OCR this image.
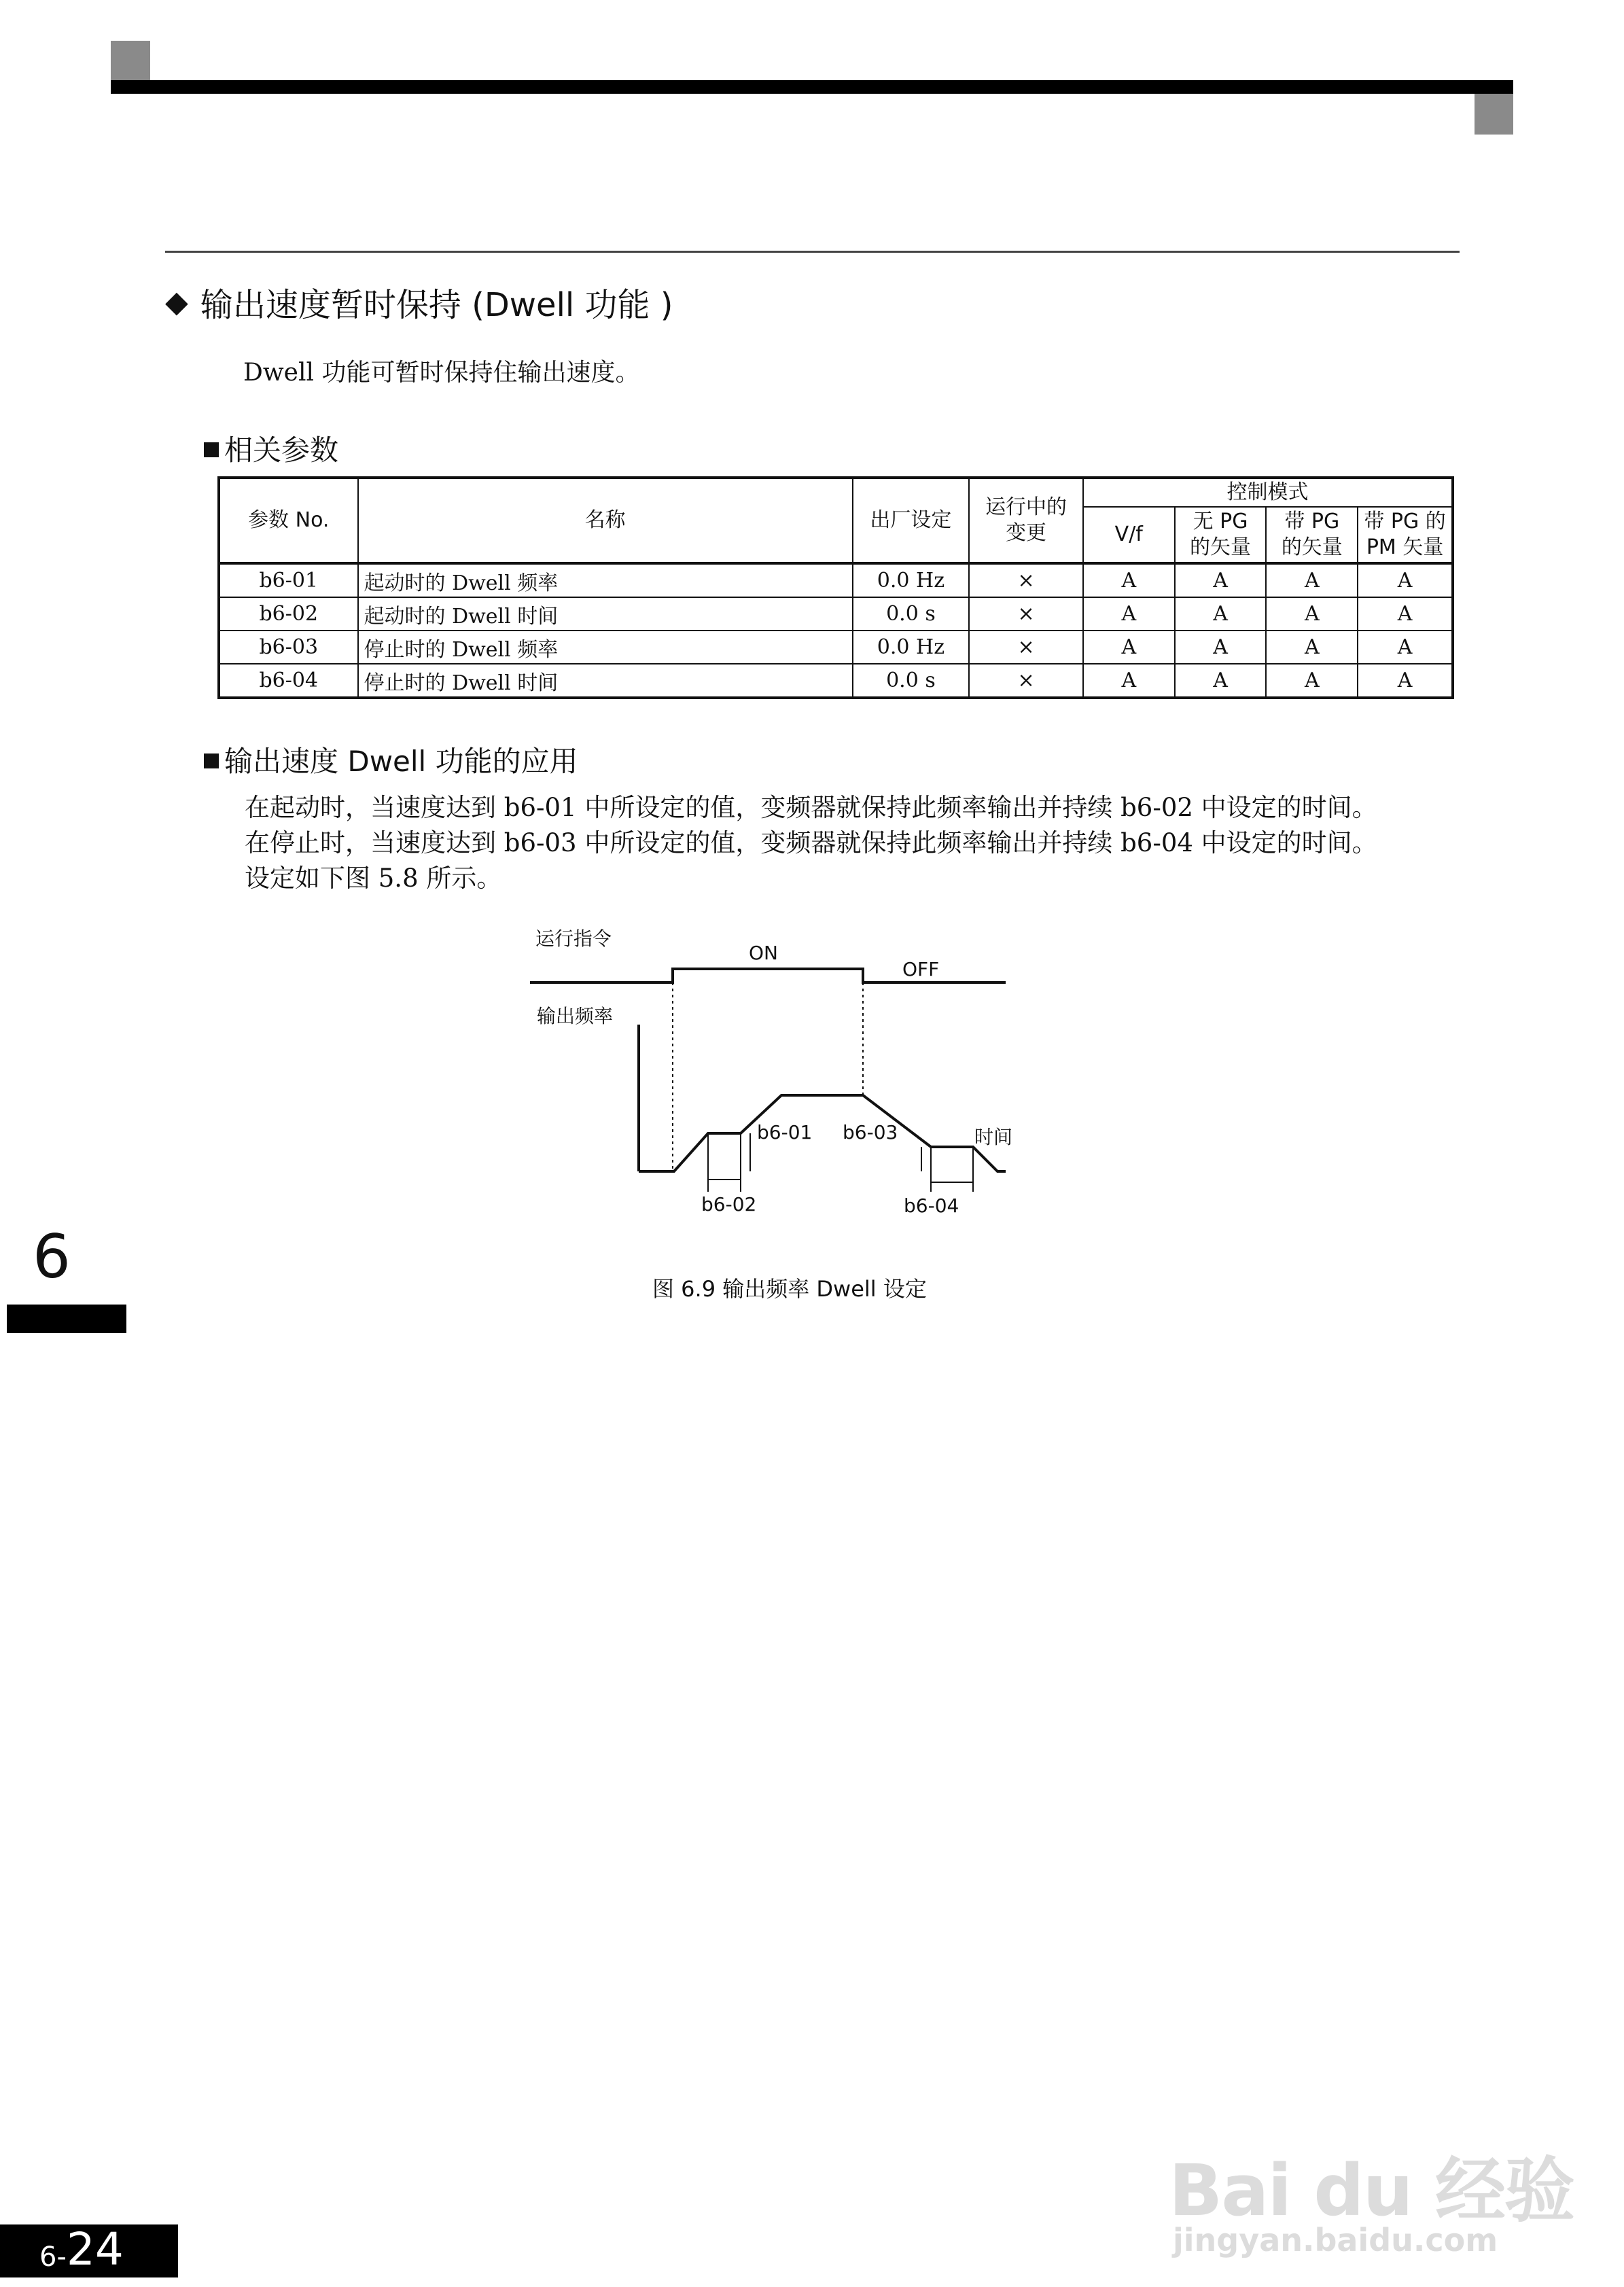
◆ 输出速度暂时保持 (Dwell 功能 )
Dwell 功能可暂时保持住输出速度。
相关参数
参数 No.	名称	出厂设定	运行中的变更	控制模式			
				V/f	无 PG 的矢量	带 PG 的矢量	带 PG 的 PM 矢量
b6-01	起动时的 Dwell 频率	0.0 Hz	×	A	A	A	A
b6-02	起动时的 Dwell 时间	0.0 s	×	A	A	A	A
b6-03	停止时的 Dwell 频率	0.0 Hz	×	A	A	A	A
b6-04	停止时的 Dwell 时间	0.0 s	×	A	A	A	A
输出速度 Dwell 功能的应用
在起动时，当速度达到 b6-01 中所设定的值，变频器就保持此频率输出并持续 b6-02 中设定的时间。
在停止时，当速度达到 b6-03 中所设定的值，变频器就保持此频率输出并持续 b6-04 中设定的时间。
设定如下图 5.8 所示。
运行指令
ON
OFF
输出频率
b6-01 b6-03	时间
b6-02	b6-04
图 6.9 输出频率 Dwell 设定
6
6- 24
Bai du 经验
jingyan.baidu.com
